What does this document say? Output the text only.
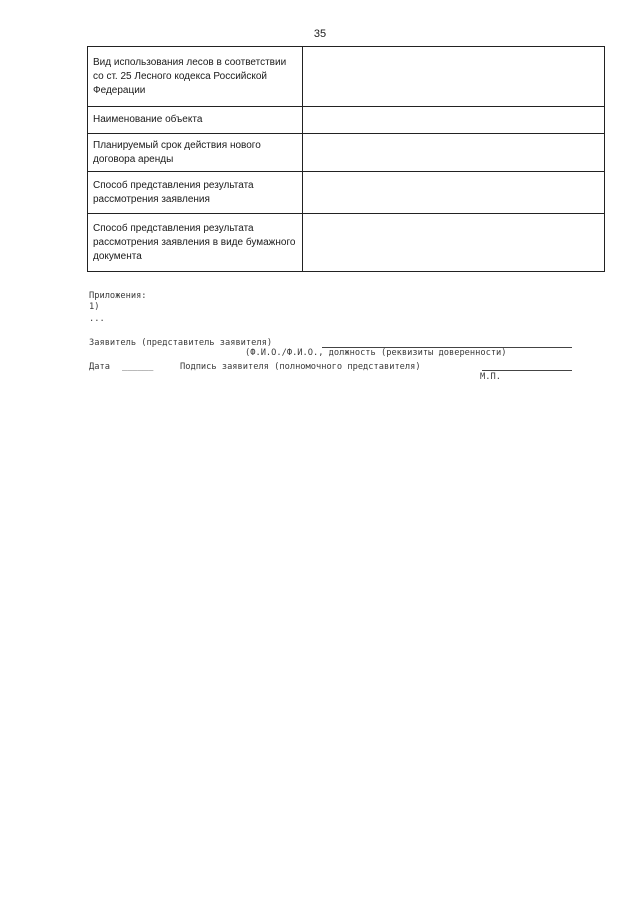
35
Вид использования лесов в соответствии со ст. 25 Лесного кодекса Российской Федерации	
Наименование объекта	
Планируемый срок действия нового договора аренды	
Способ представления результата рассмотрения заявления	
Способ представления результата рассмотрения заявления в виде бумажного документа	
Приложения:
1)
...
Заявитель (представитель заявителя)
(Ф.И.О./Ф.И.О., должность (реквизиты доверенности)
Дата ______	Подпись заявителя (полномочного представителя)
М.П.
